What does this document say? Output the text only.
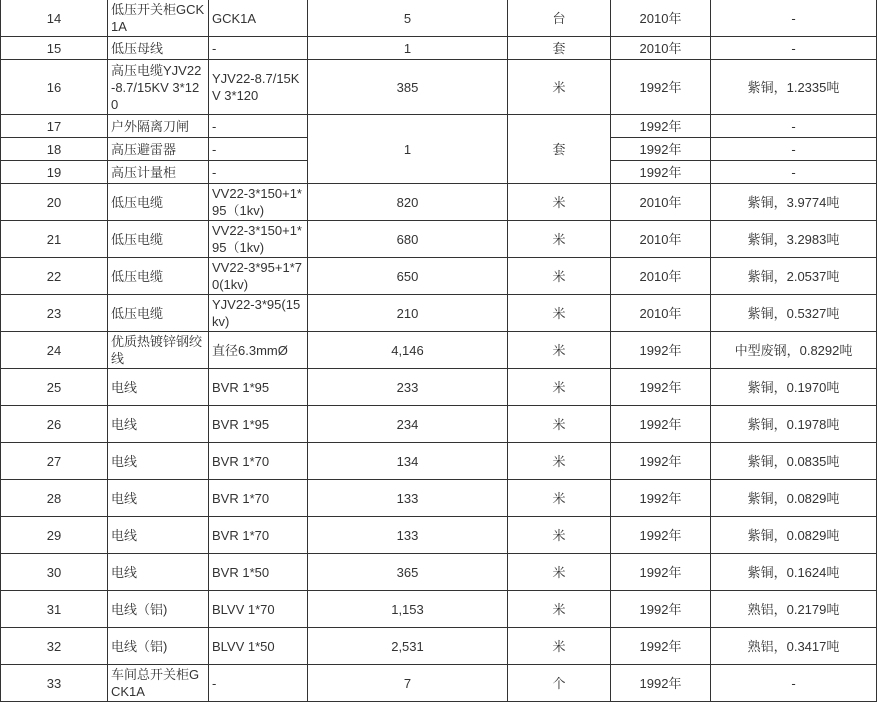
14	低压开关柜GCK1A	GCK1A	5	台		2010年	-	
15	低压母线	-	1	套		2010年	-	
16	高压电缆YJV22-8.7/15KV 3*120	YJV22-8.7/15KV 3*120	385	米		1992年	紫铜，1.2335吨	
17	户外隔离刀闸	-	1	套		1992年	-	
18	高压避雷器	-				1992年	-	
19	高压计量柜	-				1992年	-	
20	低压电缆	VV22-3*150+1*95（1kv)	820	米		2010年	紫铜，3.9774吨	
21	低压电缆	VV22-3*150+1*95（1kv)	680	米		2010年	紫铜，3.2983吨	
22	低压电缆	VV22-3*95+1*70(1kv)	650	米		2010年	紫铜，2.0537吨	
23	低压电缆	YJV22-3*95(15kv)	210	米		2010年	紫铜，0.5327吨	
24	优质热镀锌钢绞线	直径6.3mmØ	4,146	米		1992年	中型废钢，0.8292吨	
25	电线	BVR 1*95	233	米		1992年	紫铜，0.1970吨	
26	电线	BVR 1*95	234	米		1992年	紫铜，0.1978吨	
27	电线	BVR 1*70	134	米		1992年	紫铜，0.0835吨	
28	电线	BVR 1*70	133	米		1992年	紫铜，0.0829吨	
29	电线	BVR 1*70	133	米		1992年	紫铜，0.0829吨	
30	电线	BVR 1*50	365	米		1992年	紫铜，0.1624吨	
31	电线（铝)	BLVV 1*70	1,153	米		1992年	熟铝，0.2179吨	
32	电线（铝)	BLVV 1*50	2,531	米		1992年	熟铝，0.3417吨	
33	车间总开关柜GCK1A	-	7	个		1992年	-	
